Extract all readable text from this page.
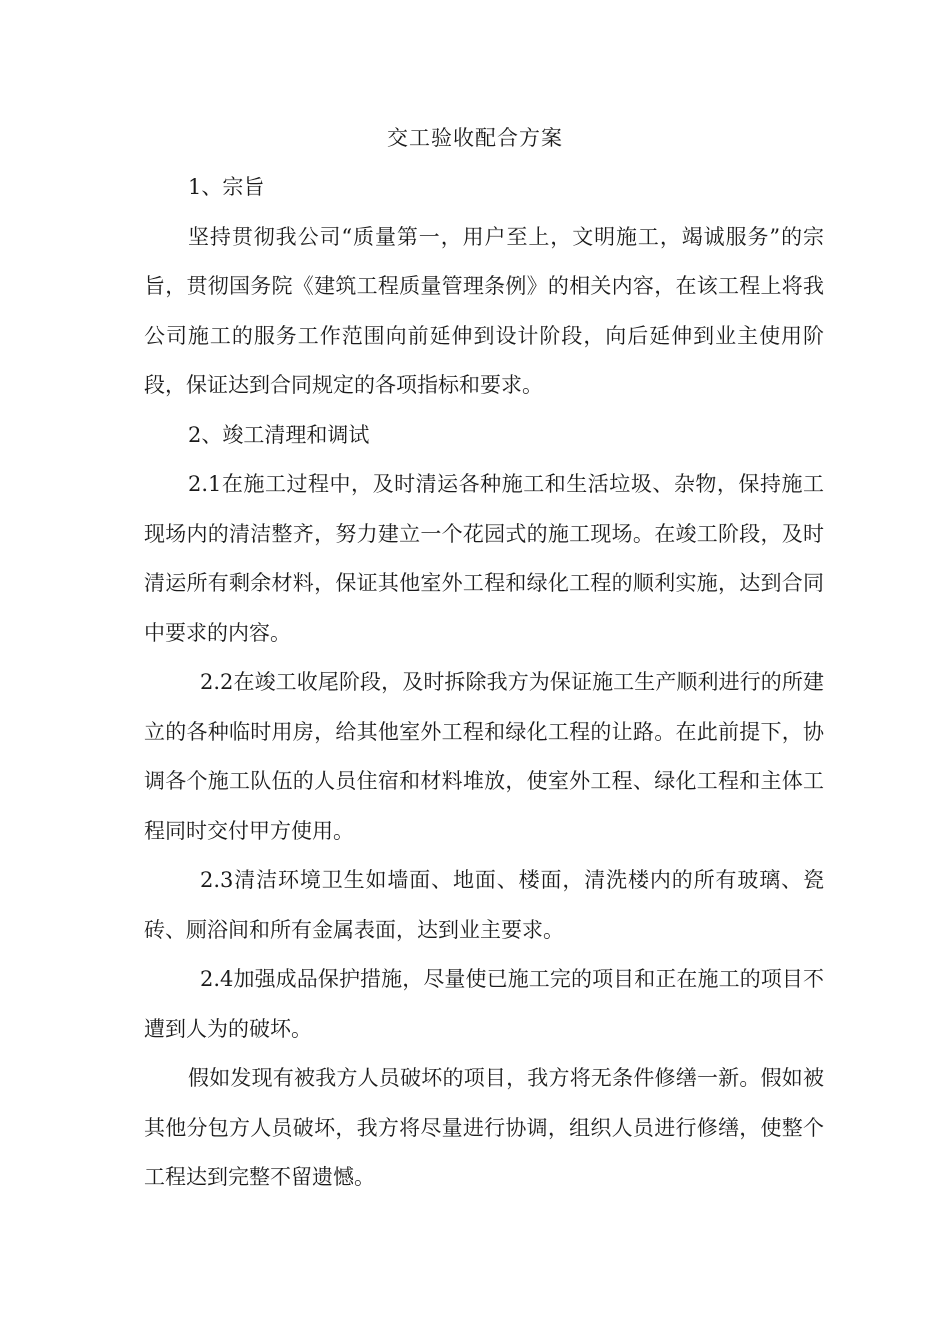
交工验收配合方案

1、宗旨

坚持贯彻我公司“质量第一，用户至上，文明施工，竭诚服务”的宗旨，贯彻国务院《建筑工程质量管理条例》的相关内容，在该工程上将我公司施工的服务工作范围向前延伸到设计阶段，向后延伸到业主使用阶段，保证达到合同规定的各项指标和要求。

2、竣工清理和调试

2.1在施工过程中，及时清运各种施工和生活垃圾、杂物，保持施工现场内的清洁整齐，努力建立一个花园式的施工现场。在竣工阶段，及时清运所有剩余材料，保证其他室外工程和绿化工程的顺利实施，达到合同中要求的内容。

2.2在竣工收尾阶段，及时拆除我方为保证施工生产顺利进行的所建立的各种临时用房，给其他室外工程和绿化工程的让路。在此前提下，协调各个施工队伍的人员住宿和材料堆放，使室外工程、绿化工程和主体工程同时交付甲方使用。

2.3清洁环境卫生如墙面、地面、楼面，清洗楼内的所有玻璃、瓷砖、厕浴间和所有金属表面，达到业主要求。

2.4加强成品保护措施，尽量使已施工完的项目和正在施工的项目不遭到人为的破坏。

假如发现有被我方人员破坏的项目，我方将无条件修缮一新。假如被其他分包方人员破坏，我方将尽量进行协调，组织人员进行修缮，使整个工程达到完整不留遗憾。
